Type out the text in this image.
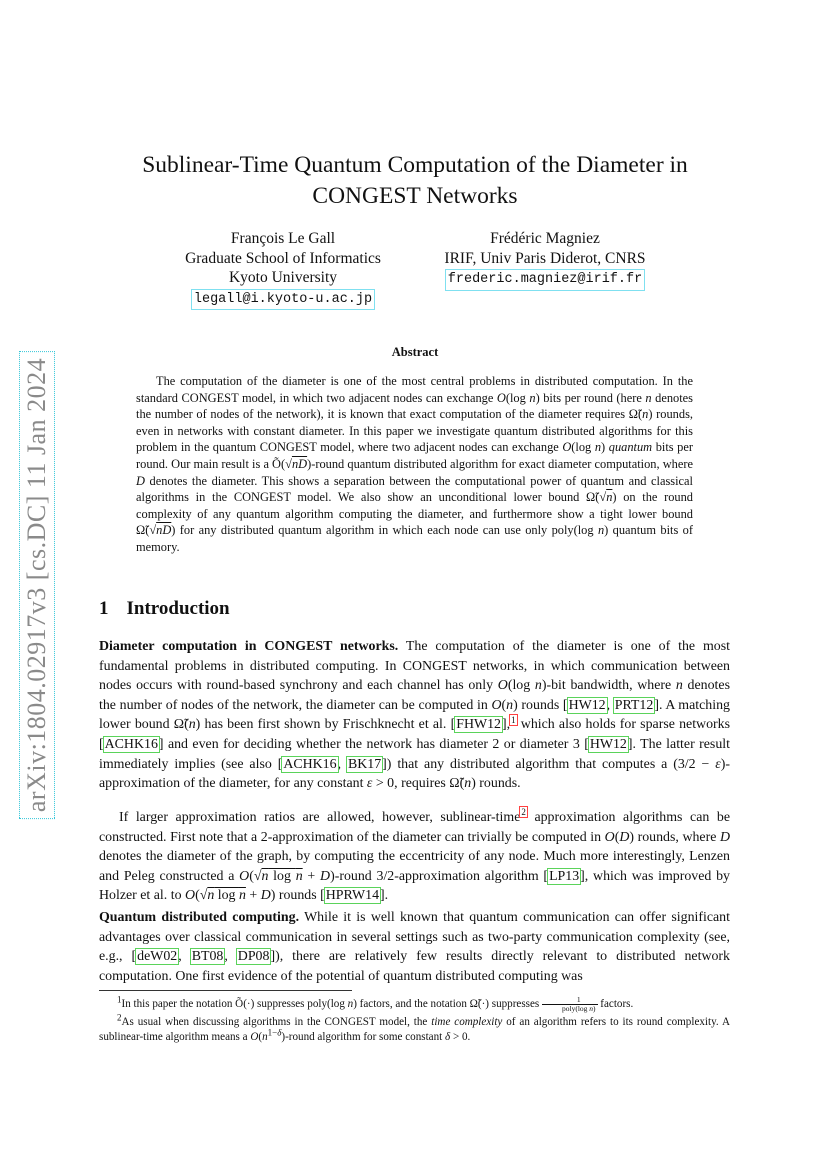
arXiv:1804.02917v3 [cs.DC] 11 Jan 2024
Sublinear-Time Quantum Computation of the Diameter in
CONGEST Networks
François Le Gall
Graduate School of Informatics
Kyoto University
legall@i.kyoto-u.ac.jp
Frédéric Magniez
IRIF, Univ Paris Diderot, CNRS
frederic.magniez@irif.fr
Abstract
The computation of the diameter is one of the most central problems in distributed computation. In the standard CONGEST model, in which two adjacent nodes can exchange O(log n) bits per round (here n denotes the number of nodes of the network), it is known that exact computation of the diameter requires Ω̃(n) rounds, even in networks with constant diameter. In this paper we investigate quantum distributed algorithms for this problem in the quantum CONGEST model, where two adjacent nodes can exchange O(log n) quantum bits per round. Our main result is a Õ(√nD)-round quantum distributed algorithm for exact diameter computation, where D denotes the diameter. This shows a separation between the computational power of quantum and classical algorithms in the CONGEST model. We also show an unconditional lower bound Ω̃(√n) on the round complexity of any quantum algorithm computing the diameter, and furthermore show a tight lower bound Ω̃(√nD) for any distributed quantum algorithm in which each node can use only poly(log n) quantum bits of memory.
1 Introduction
Diameter computation in CONGEST networks. The computation of the diameter is one of the most fundamental problems in distributed computing. In CONGEST networks, in which communication between nodes occurs with round-based synchrony and each channel has only O(log n)-bit bandwidth, where n denotes the number of nodes of the network, the diameter can be computed in O(n) rounds [HW12, PRT12]. A matching lower bound Ω̃(n) has been first shown by Frischknecht et al. [FHW12],$^1$ which also holds for sparse networks [ACHK16] and even for deciding whether the network has diameter 2 or diameter 3 [HW12]. The latter result immediately implies (see also [ACHK16, BK17]) that any distributed algorithm that computes a (3/2 − ε)-approximation of the diameter, for any constant ε > 0, requires Ω̃(n) rounds.
If larger approximation ratios are allowed, however, sublinear-time$^2$ approximation algorithms can be constructed. First note that a 2-approximation of the diameter can trivially be computed in O(D) rounds, where D denotes the diameter of the graph, by computing the eccentricity of any node. Much more interestingly, Lenzen and Peleg constructed a O(√n log n + D)-round 3/2-approximation algorithm [LP13], which was improved by Holzer et al. to O(√n log n + D) rounds [HPRW14].
Quantum distributed computing. While it is well known that quantum communication can offer significant advantages over classical communication in several settings such as two-party communication complexity (see, e.g., [deW02, BT08, DP08]), there are relatively few results directly relevant to distributed network computation. One first evidence of the potential of quantum distributed computing was

$^1$In this paper the notation Õ(·) suppresses poly(log n) factors, and the notation Ω̃(·) suppresses $\frac{1}{\text{poly(log n)}}$ factors.

$^2$As usual when discussing algorithms in the CONGEST model, the time complexity of an algorithm refers to its round complexity. A sublinear-time algorithm means a $O(n^{1-\delta})$-round algorithm for some constant δ > 0.
